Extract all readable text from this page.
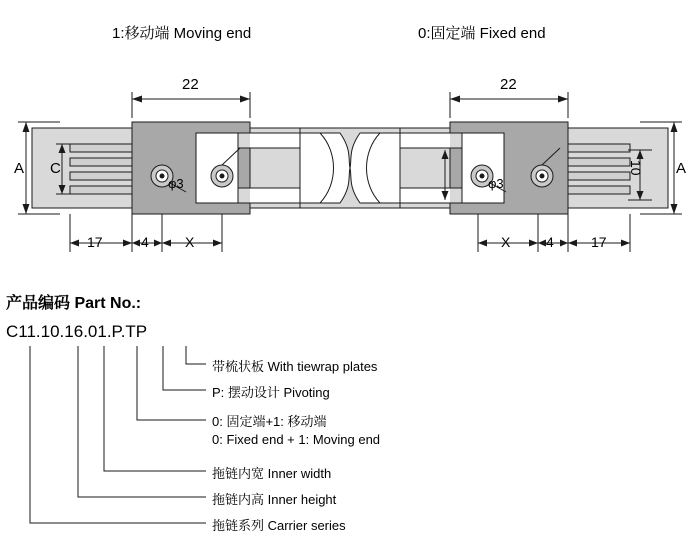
1:移动端 Moving end	0:固定端 Fixed end
22	22
A C	A
10
φ3	φ3
17	4	X	X	4	17
产品编码 Part No.:
C11.10.16.01.P.TP
带梳状板 With tiewrap plates
P: 摆动设计 Pivoting
0: 固定端+1: 移动端
0: Fixed end + 1: Moving end
拖链内宽 Inner width
拖链内高 Inner height
拖链系列 Carrier series
